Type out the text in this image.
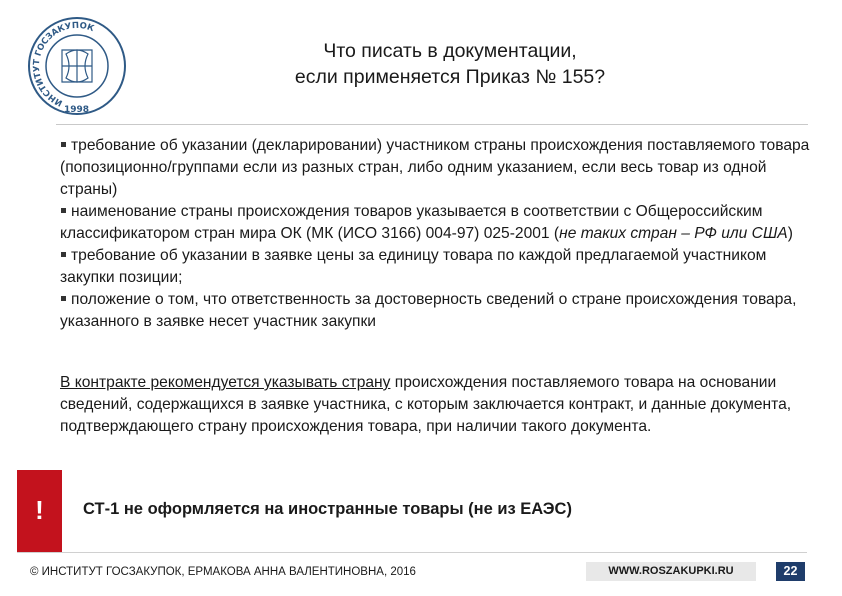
ИНСТИТУТ ГОСЗАКУПОК
1998
Что писать в документации,
если применяется Приказ № 155?

требование об указании (декларировании) участником страны происхождения поставляемого товара (попозиционно/группами если из разных стран, либо одним указанием, если весь товар из одной страны)

наименование страны происхождения товаров указывается в соответствии с Общероссийским классификатором стран мира ОК (МК (ИСО 3166) 004-97) 025-2001 (не таких стран – РФ или США)

требование об указании в заявке цены за единицу товара по каждой предлагаемой участником закупки позиции;

положение о том, что ответственность за достоверность сведений о стране происхождения товара, указанного в заявке несет участник закупки

В контракте рекомендуется указывать страну происхождения поставляемого товара на основании сведений, содержащихся в заявке участника, с которым заключается контракт, и данные документа, подтверждающего страну происхождения товара, при наличии такого документа.

!	СТ-1 не оформляется на иностранные товары (не из ЕАЭС)
© ИНСТИТУТ ГОСЗАКУПОК, ЕРМАКОВА АННА ВАЛЕНТИНОВНА, 2016	WWW.ROSZAKUPKI.RU	22
